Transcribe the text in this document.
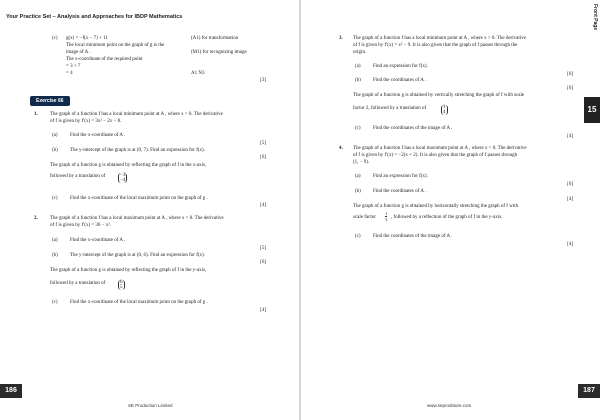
Your Practice Set – Analysis and Approaches for IBDP Mathematics
(c) g(x) = −f(x − 7) + 11	(A1) for transformation
The local minimum point on the graph of g is the
image of A .	(M1) for recognizing image
The x-coordinate of the required point
= 3 + 7
= 4	A1 N3
[3]
Exercise 66
1. The graph of a function f has a local minimum point at A , where x > 0. The derivative
of f is given by f′(x) = 3x² − 2x − 8.
(a) Find the x-coordinate of A .
[5]
(b) The y-intercept of the graph is at (0, 7). Find an expression for f(x).
[6]
The graph of a function g is obtained by reflecting the graph of f in the x-axis,
followed by a translation of	−3
−4
(c) Find the x-coordinate of the local maximum point on the graph of g .
[4]
2. The graph of a function f has a local maximum point at A , where x > 0. The derivative
of f is given by f′(x) = 36 − x².
(a) Find the x-coordinate of A .
[5]
(b) The y-intercept of the graph is at (0, 6). Find an expression for f(x).
[6]
The graph of a function g is obtained by reflecting the graph of f in the y-axis,
followed by a translation of	6
5
(c) Find the x-coordinate of the local maximum point on the graph of g .
[4]
186
SE Production Limited
Front Page
15
3. The graph of a function f has a local minimum point at A , where x > 0. The derivative
of f is given by f′(x) = x² − 9. It is also given that the graph of f passes through the
origin.
(a) Find an expression for f(x).
[6]
(b) Find the coordinates of A .
[6]
The graph of a function g is obtained by vertically stretching the graph of f with scale
factor 2, followed by a translation of	1
4
(c) Find the coordinates of the image of A .
[4]
4. The graph of a function f has a local maximum point at A , where x < 0. The derivative
of f is given by f′(x) = −2(x + 2). It is also given that the graph of f passes through
(1, − 9).
(a) Find an expression for f(x).
[6]
(b) Find the coordinates of A .
[4]
The graph of a function g is obtained by horizontally stretching the graph of f with
scale factor
1
3 , followed by a reflection of the graph of f in the y-axis.
(c) Find the coordinates of the image of A .
[4]
187
www.seprodstore.com
